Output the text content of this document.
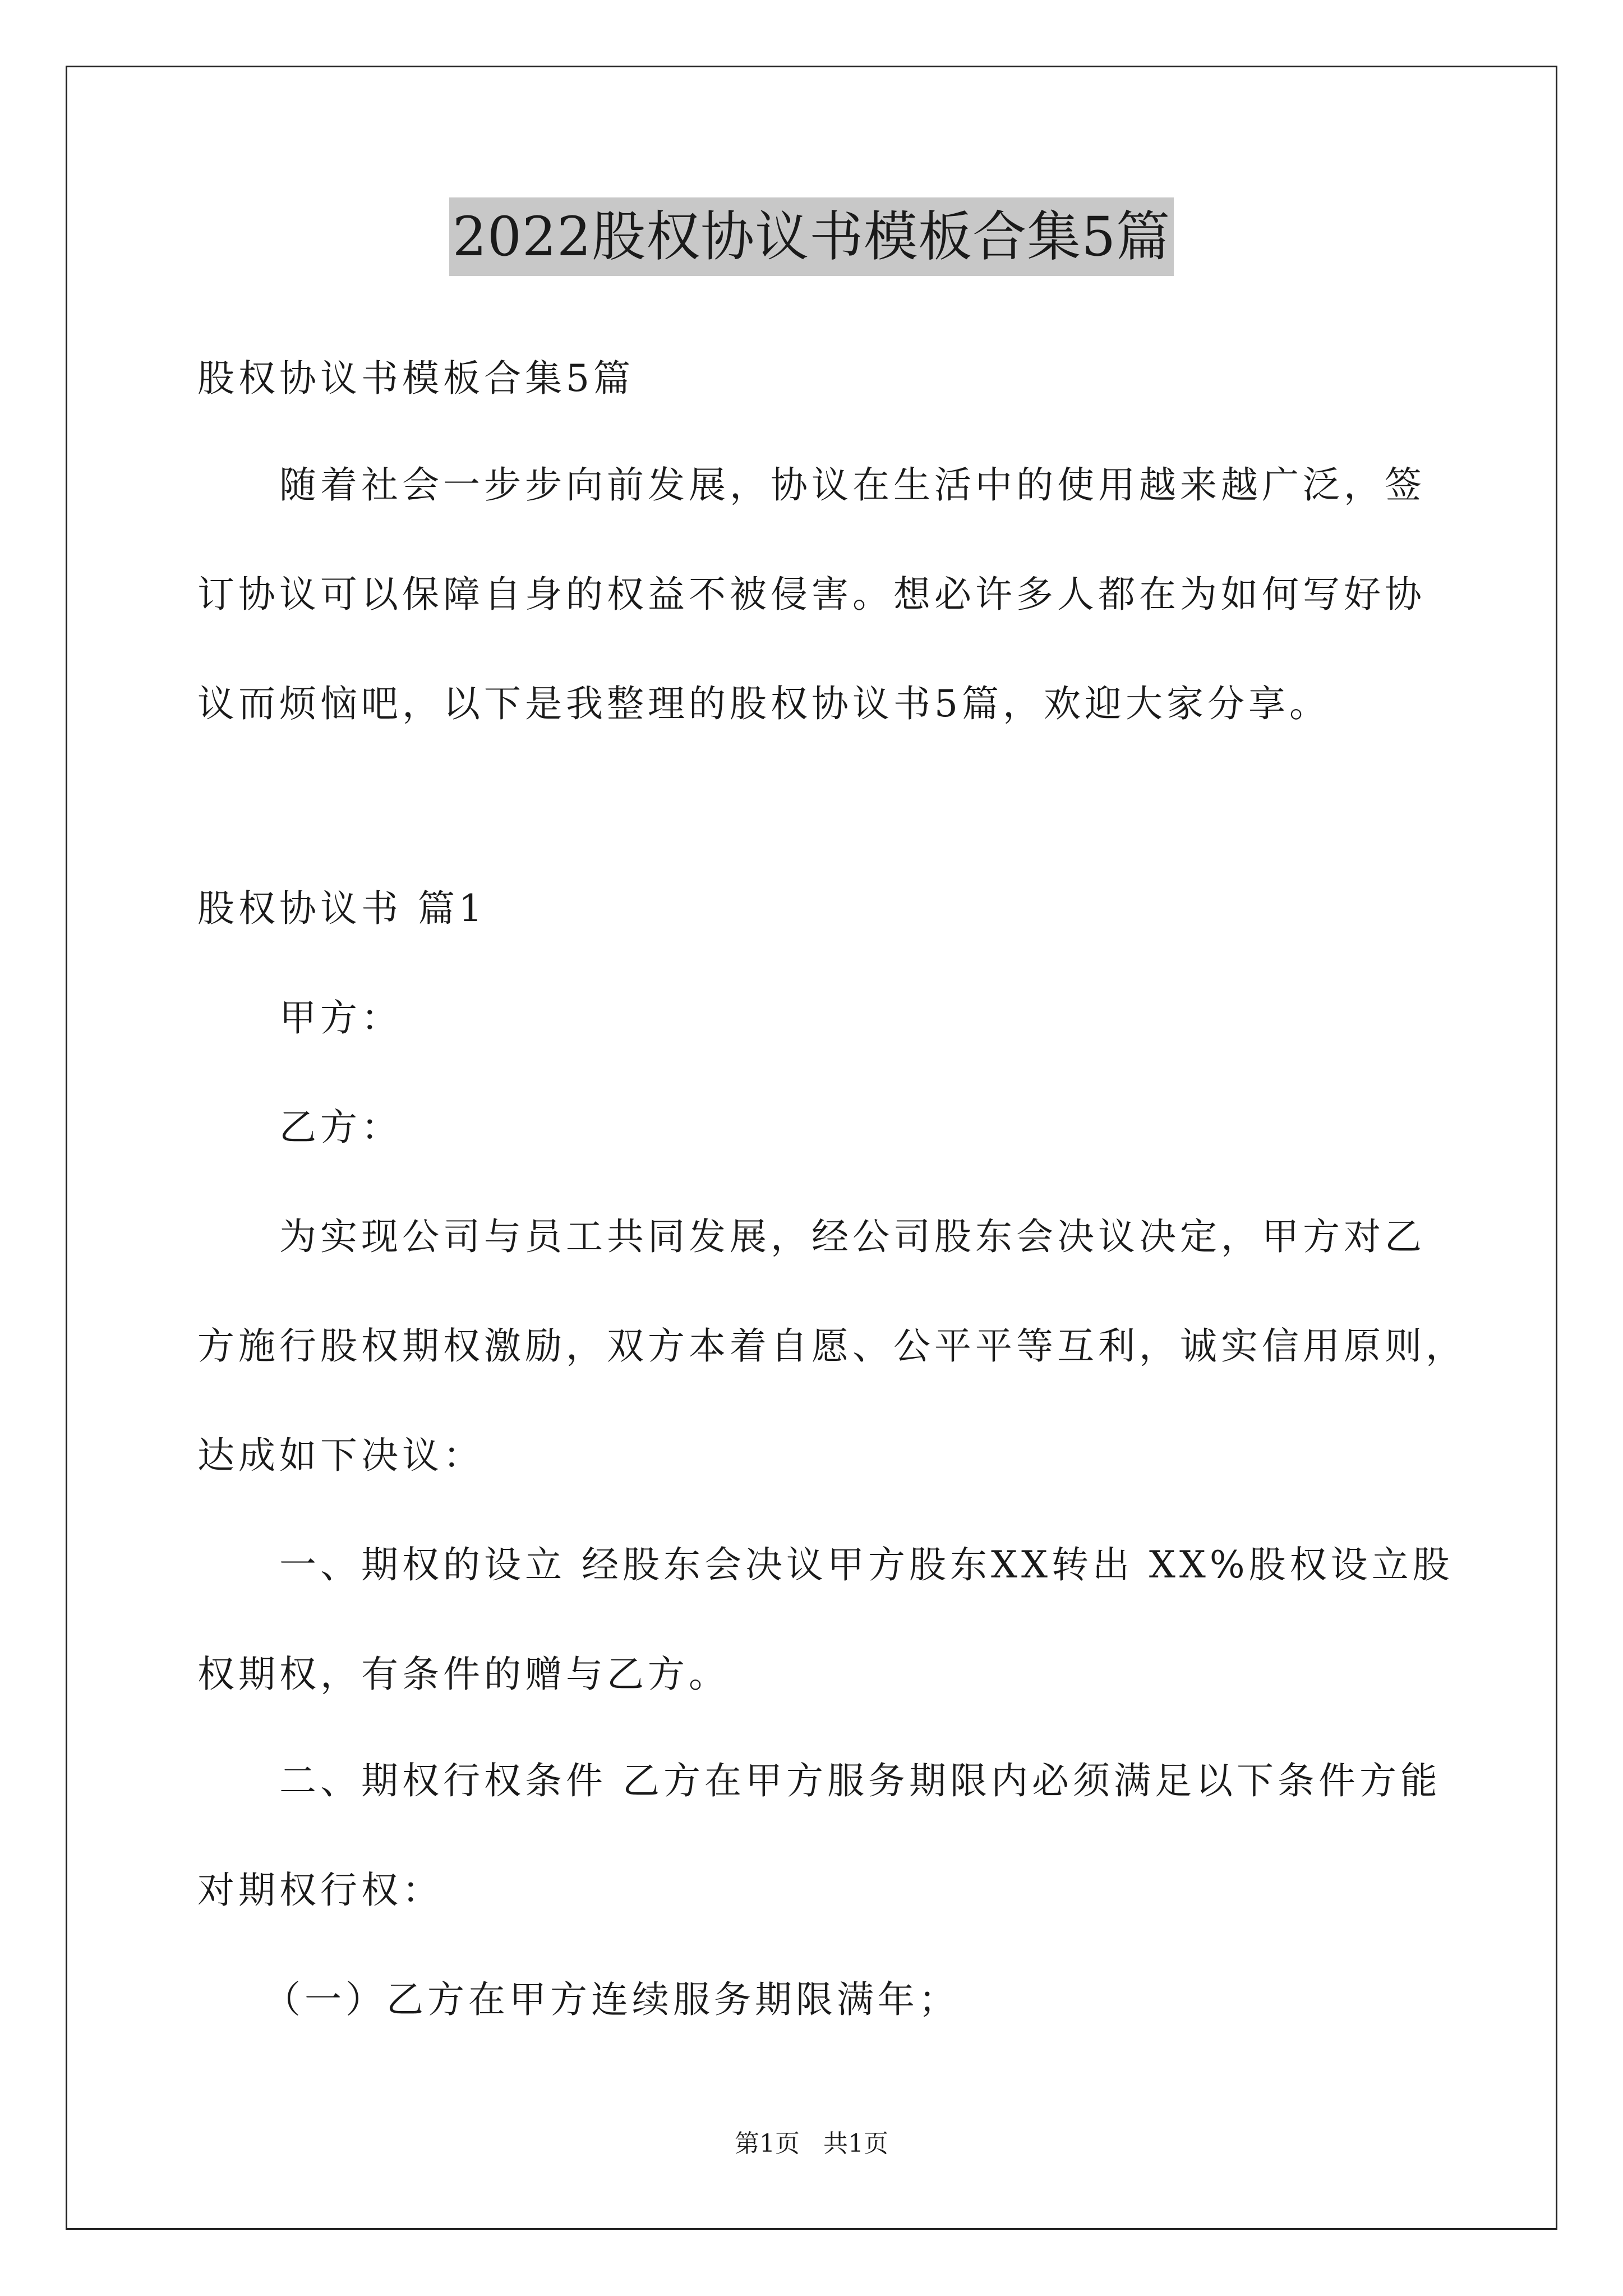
2022股权协议书模板合集5篇
股权协议书模板合集5篇
随着社会一步步向前发展，协议在生活中的使用越来越广泛，签
订协议可以保障自身的权益不被侵害。想必许多人都在为如何写好协
议而烦恼吧，以下是我整理的股权协议书5篇，欢迎大家分享。
股权协议书 篇1
甲方：
乙方：
为实现公司与员工共同发展，经公司股东会决议决定，甲方对乙
方施行股权期权激励，双方本着自愿、公平平等互利，诚实信用原则，
达成如下决议：
一、期权的设立 经股东会决议甲方股东XX转出 XX%股权设立股
权期权，有条件的赠与乙方。
二、期权行权条件 乙方在甲方服务期限内必须满足以下条件方能
对期权行权：
（一）乙方在甲方连续服务期限满年；
第1页 共1页
